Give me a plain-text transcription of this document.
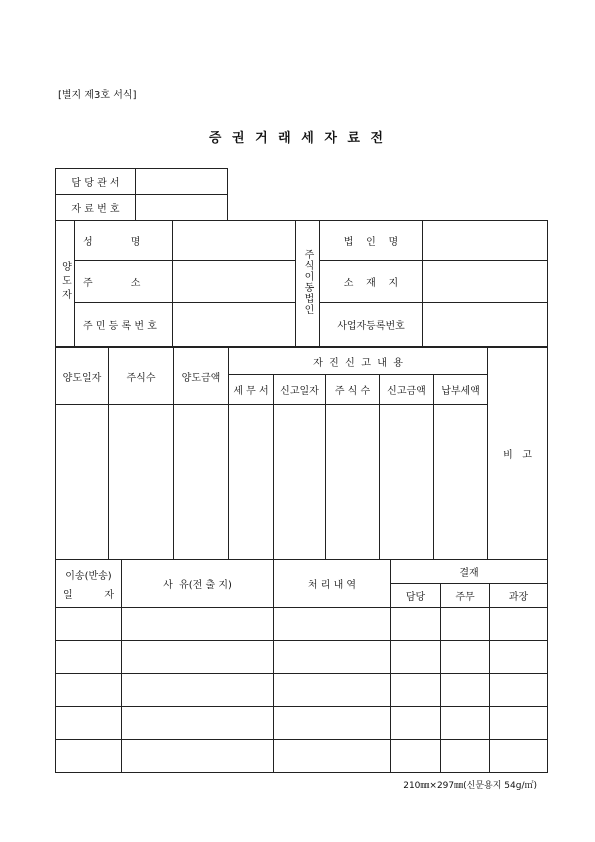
[별지 제3호 서식]
증 권 거 래 세 자 료 전
담 당 관 서	
자 료 번 호	
양도자	성            명		주식이동법인	법    인    명	
	주            소			소    재    지	
	주 민 등 록 번 호			사업자등록번호	
양도일자	주식수	양도금액	자  진  신  고  내  용					비   고
			세 무 서	신고일자	주 식 수	신고금액	납부세액	

이송(반송)
일          자	사  유(전 출 지)	처 리 내 역	결재		
			담당	주무	과장

210㎜×297㎜(신문용지 54g/㎡)
